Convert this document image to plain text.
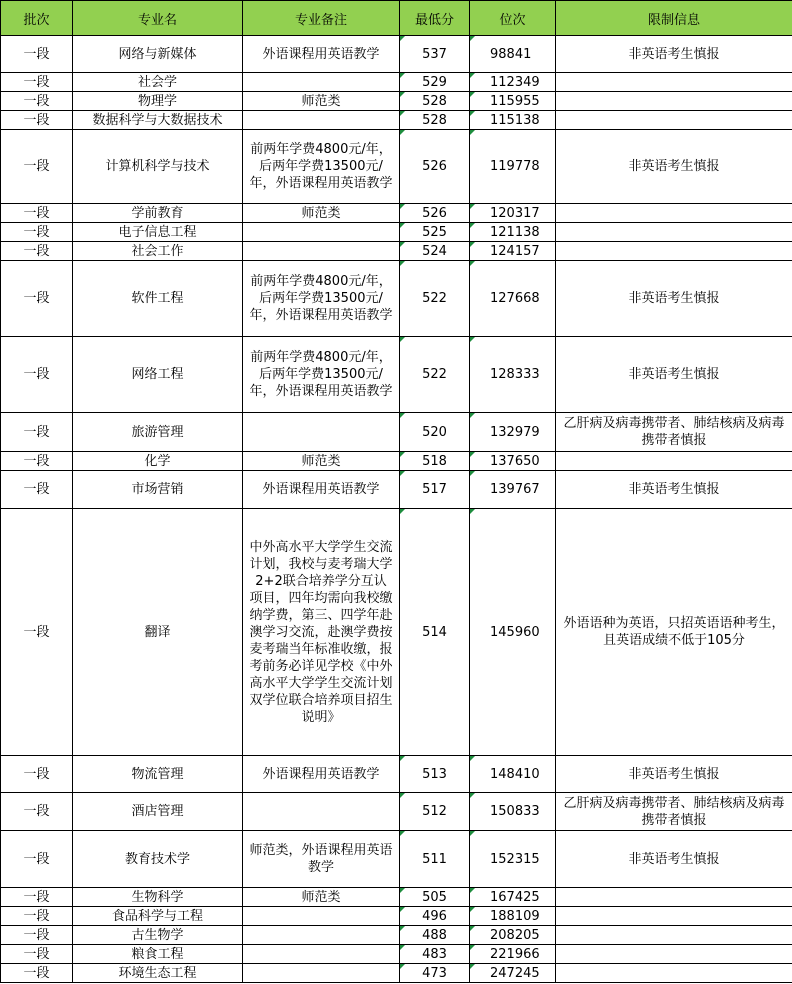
批次	专业名	专业备注	最低分	位次	限制信息
一段	网络与新媒体	外语课程用英语教学	537	98841	非英语考生慎报
一段	社会学		529	112349	
一段	物理学	师范类	528	115955	
一段	数据科学与大数据技术		528	115138	
一段	计算机科学与技术	前两年学费4800元/年，后两年学费13500元/年，外语课程用英语教学	526	119778	非英语考生慎报
一段	学前教育	师范类	526	120317	
一段	电子信息工程		525	121138	
一段	社会工作		524	124157	
一段	软件工程	前两年学费4800元/年，后两年学费13500元/年，外语课程用英语教学	522	127668	非英语考生慎报
一段	网络工程	前两年学费4800元/年，后两年学费13500元/年，外语课程用英语教学	522	128333	非英语考生慎报
一段	旅游管理		520	132979	乙肝病及病毒携带者、肺结核病及病毒携带者慎报
一段	化学	师范类	518	137650	
一段	市场营销	外语课程用英语教学	517	139767	非英语考生慎报
一段	翻译	中外高水平大学学生交流计划，我校与麦考瑞大学2+2联合培养学分互认项目，四年均需向我校缴纳学费，第三、四学年赴澳学习交流，赴澳学费按麦考瑞当年标准收缴，报考前务必详见学校《中外高水平大学学生交流计划双学位联合培养项目招生说明》	514	145960	外语语种为英语，只招英语语种考生，且英语成绩不低于105分
一段	物流管理	外语课程用英语教学	513	148410	非英语考生慎报
一段	酒店管理		512	150833	乙肝病及病毒携带者、肺结核病及病毒携带者慎报
一段	教育技术学	师范类，外语课程用英语教学	511	152315	非英语考生慎报
一段	生物科学	师范类	505	167425	
一段	食品科学与工程		496	188109	
一段	古生物学		488	208205	
一段	粮食工程		483	221966	
一段	环境生态工程		473	247245	
